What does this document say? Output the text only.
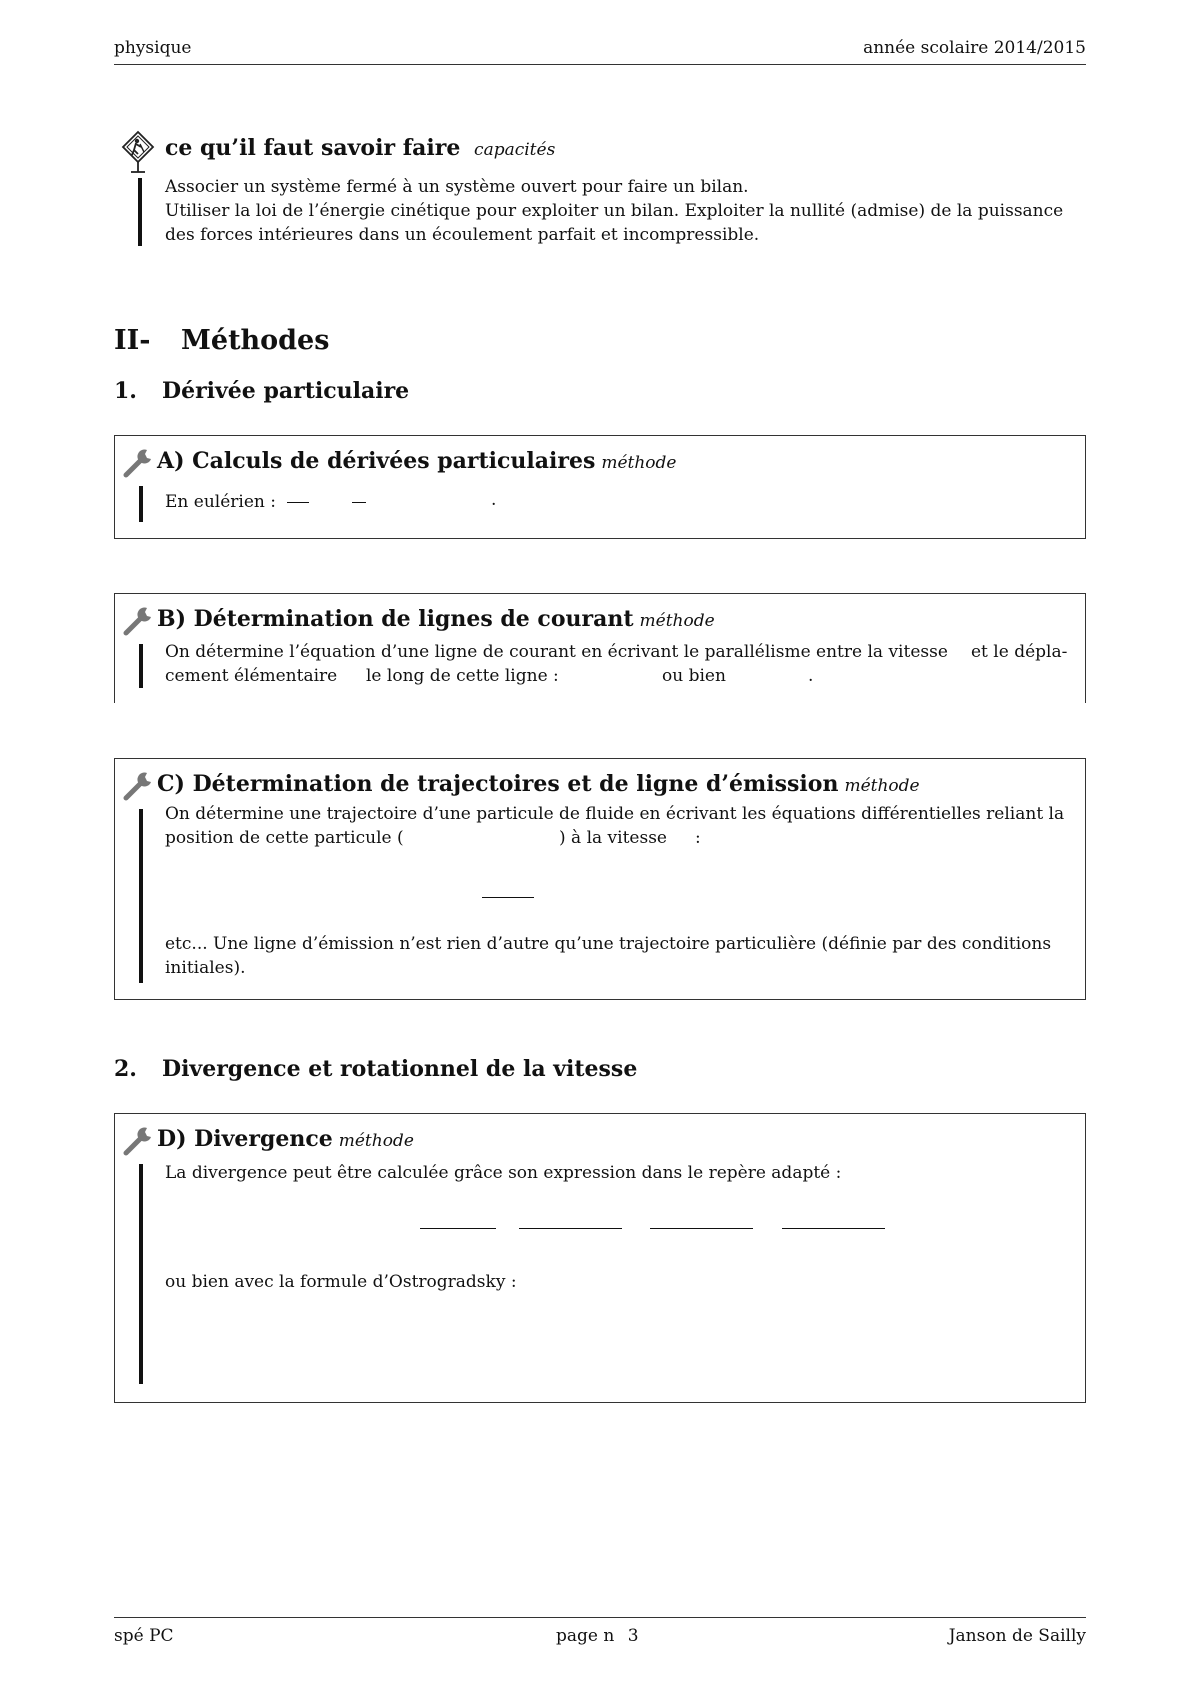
physique	année scolaire 2014/2015
ce qu’il faut savoir faire capacités
Associer un système fermé à un système ouvert pour faire un bilan.
Utiliser la loi de l’énergie cinétique pour exploiter un bilan. Exploiter la nullité (admise) de la puissance
des forces intérieures dans un écoulement parfait et incompressible.
II- Méthodes
1. Dérivée particulaire
A) Calculs de dérivées particulaires méthode
En eulérien :	.
B) Détermination de lignes de courant méthode
On détermine l’équation d’une ligne de courant en écrivant le parallélisme entre la vitesse et le dépla-
cement élémentaire le long de cette ligne :	ou bien	.
C) Détermination de trajectoires et de ligne d’émission méthode
On détermine une trajectoire d’une particule de fluide en écrivant les équations différentielles reliant la
position de cette particule (	) à la vitesse :
etc... Une ligne d’émission n’est rien d’autre qu’une trajectoire particulière (définie par des conditions
initiales).
2. Divergence et rotationnel de la vitesse
D) Divergence méthode
La divergence peut être calculée grâce son expression dans le repère adapté :
ou bien avec la formule d’Ostrogradsky :
spé PC	page n 3	Janson de Sailly
